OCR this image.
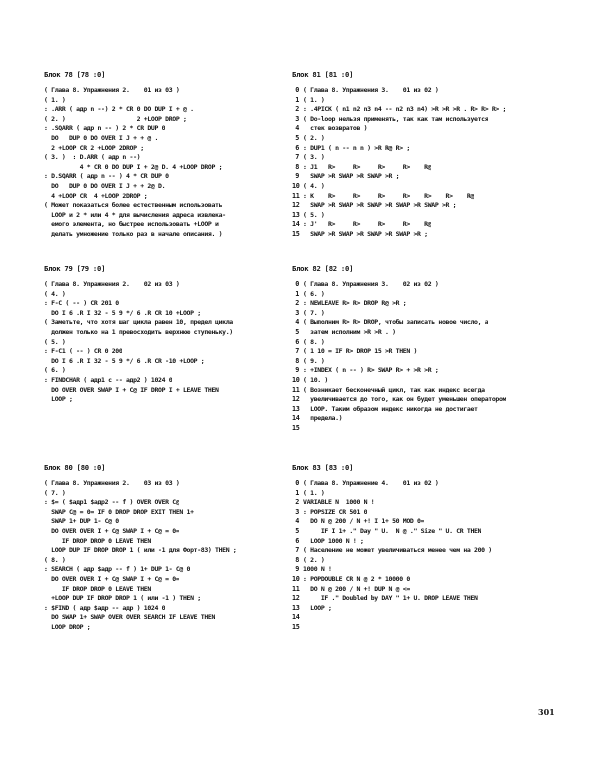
Блок 78 [78 :0]
( Глава 8. Упражнения 2.    01 из 03 )
( 1. )
: .ARR ( адр n --) 2 * CR 0 DO DUP I + @ .
( 2. )                    2 +LOOP DROP ;
: .SQARR ( адр n -- ) 2 * CR DUP 0
DO   DUP 0 DO OVER I J + + @ .
2 +LOOP CR 2 +LOOP 2DROP ;
( 3. )  : D.ARR ( адр n --)
4 * CR 0 DO DUP I + 2@ D. 4 +LOOP DROP ;
: D.SQARR ( адр n -- ) 4 * CR DUP 0
DO   DUP 0 DO OVER I J + + 2@ D.
4 +LOOP CR  4 +LOOP 2DROP ;
( Может показаться более естественным использовать
LOOP и 2 * или 4 * для вычисления адреса извлека-
емого элемента, но быстрее использовать +LOOP и
делать умножение только раз в начале описания. )
Блок 81 [81 :0]
0 ( Глава 8. Упражнения 3.    01 из 02 )
1 ( 1. )
2 : .4PICK ( n1 n2 n3 n4 -- n2 n3 n4) >R >R >R . R> R> R> ;
3 ( Do-loop нельзя применять, так как там используется
4 стек возвратов )
5 ( 2. )
6 : DUP1 ( n -- n n ) >R R@ R> ;
7 ( 3. )
8 : J1   R>     R>     R>     R>    R@
9 SWAP >R SWAP >R SWAP >R ;
10 ( 4. )
11 : K    R>     R>     R>     R>    R>    R>    R@
12 SWAP >R SWAP >R SWAP >R SWAP >R SWAP >R ;
13 ( 5. )
14 : J'   R>     R>     R>     R>    R@
15 SWAP >R SWAP >R SWAP >R SWAP >R ;
Блок 79 [79 :0]
( Глава 8. Упражнения 2.    02 из 03 )
( 4. )
: F-C ( -- ) CR 201 0
DO I 6 .R I 32 - 5 9 */ 6 .R CR 10 +LOOP ;
( Заметьте, что хотя шаг цикла равен 10, предел цикла
должен только на 1 превосходить верхнюю ступеньку.)
( 5. )
: F-C1 ( -- ) CR 0 200
DO I 6 .R I 32 - 5 9 */ 6 .R CR -10 +LOOP ;
( 6. )
: FINDCHAR ( адр1 c -- адр2 ) 1024 0
DO OVER OVER SWAP I + C@ IF DROP I + LEAVE THEN
LOOP ;
Блок 82 [82 :0]
0 ( Глава 8. Упражнения 3.    02 из 02 )
1 ( 6. )
2 : NEWLEAVE R> R> DROP R@ >R ;
3 ( 7. )
4 ( Выполним R> R> DROP, чтобы записать новое число, а
5 затем исполним >R >R . )
6 ( 8. )
7 ( 1 10 = IF R> DROP 15 >R THEN )
8 ( 9. )
9 : +INDEX ( n -- ) R> SWAP R> + >R >R ;
10 ( 10. )
11 ( Возникает бесконечный цикл, так как индекс всегда
12 увеличивается до того, как он будет уменьшен оператором
13 LOOP. Таким образом индекс никогда не достигает
14 предела.)
15
Блок 80 [80 :0]
( Глава 8. Упражнения 2.    03 из 03 )
( 7. )
: $= ( $адр1 $адр2 -- f ) OVER OVER C@
SWAP C@ = 0= IF 0 DROP DROP EXIT THEN 1+
SWAP 1+ DUP 1- C@ 0
DO OVER OVER I + C@ SWAP I + C@ = 0=
IF DROP DROP 0 LEAVE THEN
LOOP DUP IF DROP DROP 1 ( или -1 для Форт-83) THEN ;
( 8. )
: SEARCH ( адр $адр -- f ) 1+ DUP 1- C@ 0
DO OVER OVER I + C@ SWAP I + C@ = 0=
IF DROP DROP 0 LEAVE THEN
+LOOP DUP IF DROP DROP 1 ( или -1 ) THEN ;
: $FIND ( адр $адр -- адр ) 1024 0
DO SWAP 1+ SWAP OVER OVER SEARCH IF LEAVE THEN
LOOP DROP ;
Блок 83 [83 :0]
0 ( Глава 8. Упражнение 4.    01 из 02 )
1 ( 1. )
2 VARIABLE N  1000 N !
3 : POPSIZE CR 501 0
4 DO N @ 200 / N +! I 1+ 50 MOD 0=
5 IF I 1+ ." Day " U.  N @ ." Size " U. CR THEN
6 LOOP 1000 N ! ;
7 ( Население не может увеличиваться менее чем на 200 )
8 ( 2. )
9 1000 N !
10 : POPDOUBLE CR N @ 2 * 10000 0
11 DO N @ 200 / N +! DUP N @ <=
12 IF ." Doubled by DAY " 1+ U. DROP LEAVE THEN
13 LOOP ;
14
15
301
